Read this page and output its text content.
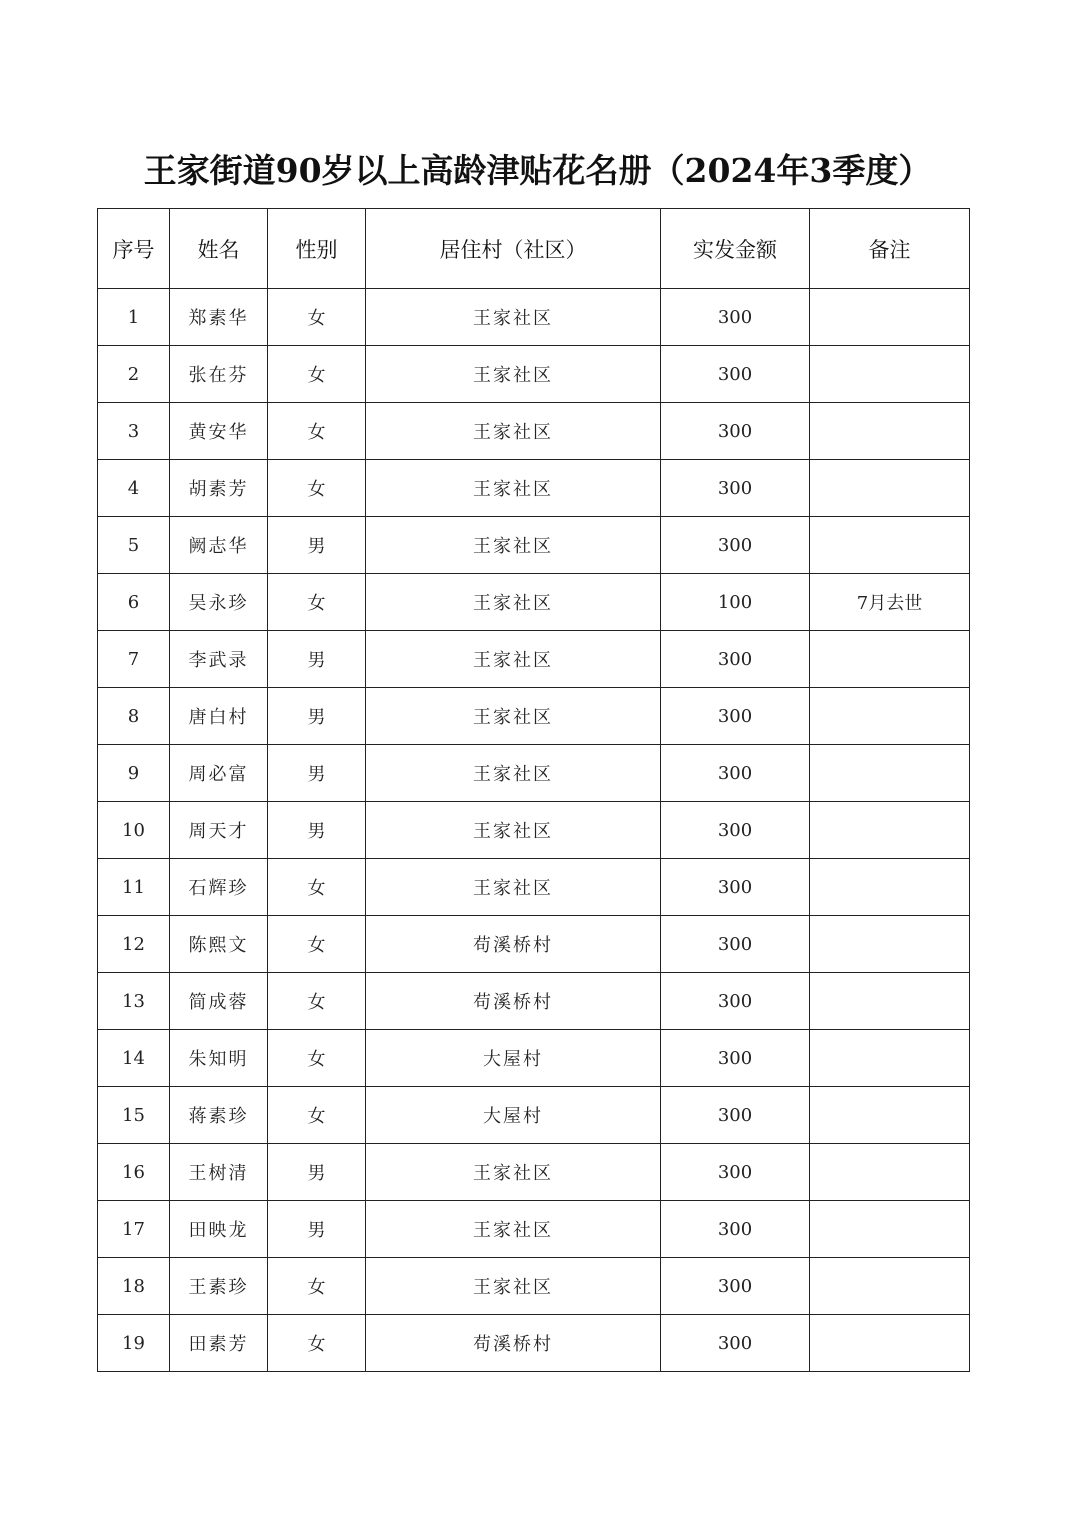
王家街道90岁以上高龄津贴花名册（2024年3季度）
序号	姓名	性别	居住村（社区）	实发金额	备注
1	郑素华	女	王家社区	300	
2	张在芬	女	王家社区	300	
3	黄安华	女	王家社区	300	
4	胡素芳	女	王家社区	300	
5	阙志华	男	王家社区	300	
6	吴永珍	女	王家社区	100	7月去世
7	李武录	男	王家社区	300	
8	唐白村	男	王家社区	300	
9	周必富	男	王家社区	300	
10	周天才	男	王家社区	300	
11	石辉珍	女	王家社区	300	
12	陈熙文	女	苟溪桥村	300	
13	简成蓉	女	苟溪桥村	300	
14	朱知明	女	大屋村	300	
15	蒋素珍	女	大屋村	300	
16	王树清	男	王家社区	300	
17	田映龙	男	王家社区	300	
18	王素珍	女	王家社区	300	
19	田素芳	女	苟溪桥村	300	
